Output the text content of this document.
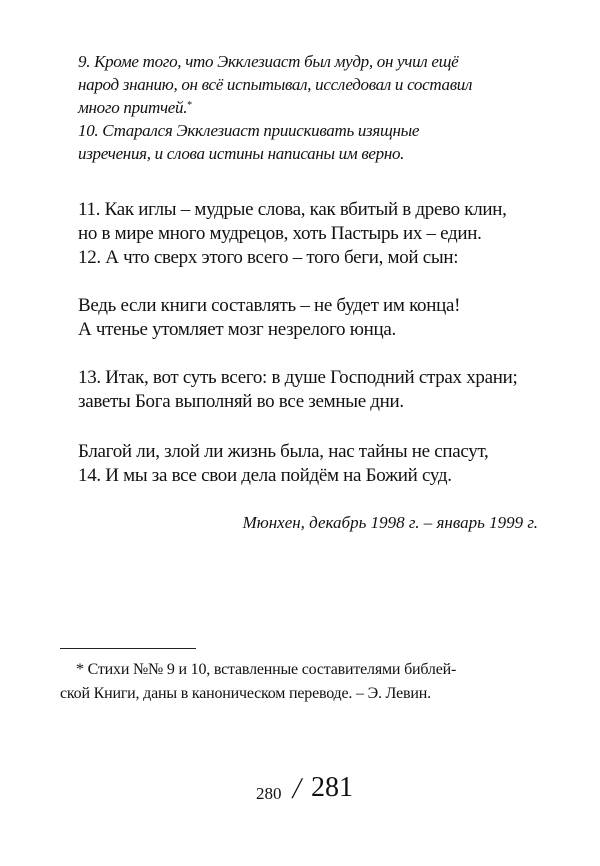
9. Кроме того, что Экклезиаст был мудр, он учил ещё
народ знанию, он всё испытывал, исследовал и составил
много притчей.*
10. Старался Экклезиаст приискивать изящные
изречения, и слова истины написаны им верно.
11. Как иглы – мудрые слова, как вбитый в древо клин,
но в мире много мудрецов, хоть Пастырь их – един.
12. А что сверх этого всего – того беги, мой сын:
Ведь если книги составлять – не будет им конца!
А чтенье утомляет мозг незрелого юнца.
13. Итак, вот суть всего: в душе Господний страх храни;
заветы Бога выполняй во все земные дни.
Благой ли, злой ли жизнь была, нас тайны не спасут,
14. И мы за все свои дела пойдём на Божий суд.
Мюнхен, декабрь 1998 г. – январь 1999 г.
* Стихи №№ 9 и 10, вставленные составителями библей-
ской Книги, даны в каноническом переводе. – Э. Левин.
280 / 281
